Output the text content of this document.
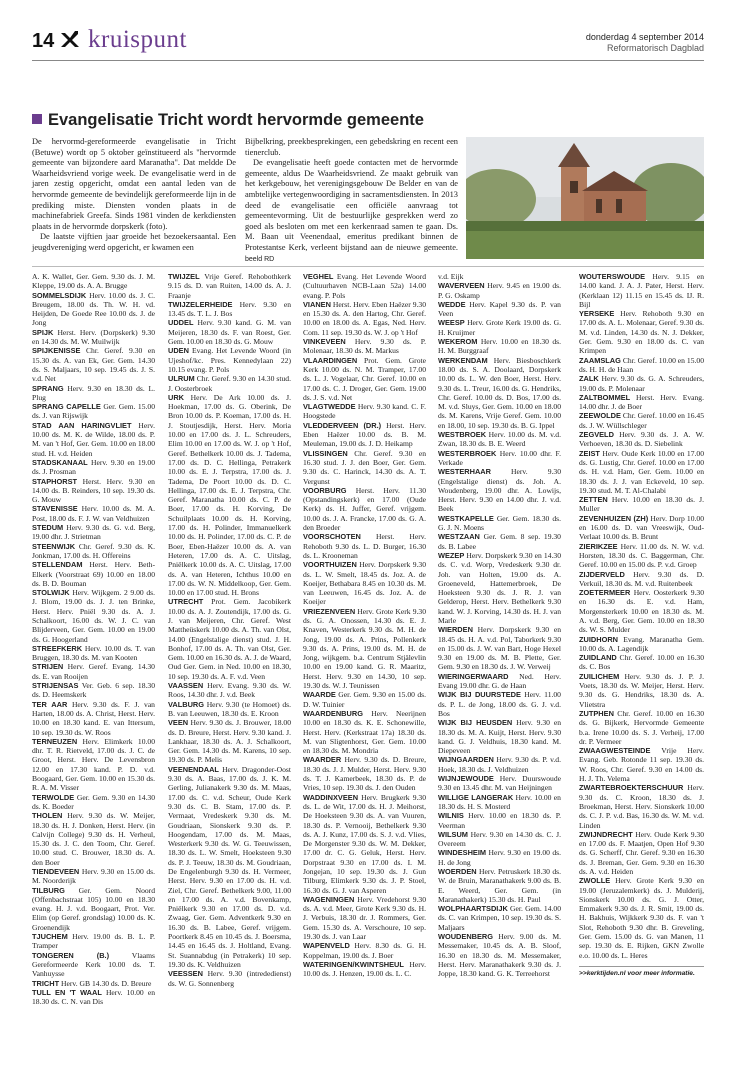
14 kruispunt	donderdag 4 september 2014
Reformatorisch Dagblad
Evangelisatie Tricht wordt hervormde gemeente

De hervormd-gereformeerde evangelisatie in Tricht (Betuwe) wordt op 5 oktober geïnstitueerd als "hervormde gemeente van bijzondere aard Maranatha". Dat meldde De Waarheidsvriend vorige week. De evangelisatie werd in de jaren zestig opgericht, omdat een aantal leden van de hervormde gemeente de bevindelijk gereformeerde lijn in de prediking miste. Diensten vonden plaats in de machinefabriek Greefa. Sinds 1981 vinden de kerkdiensten plaats in de hervormde dorpskerk (foto).

De laatste vijftien jaar groeide het bezoekersaantal. Een jeugdvereniging werd opgericht, er kwamen een

Bijbelkring, preekbesprekingen, een gebedskring en recent een tienerclub.

De evangelisatie heeft goede contacten met de hervormde gemeente, aldus De Waarheidsvriend. Ze maakt gebruik van het kerkgebouw, het verenigingsgebouw De Belder en van de ambtelijke vertegenwoordiging in sacramentsdiensten. In 2013 deed de evangelisatie een officiële aanvraag tot gemeentevorming. Uit de bestuurlijke gesprekken werd zo goed als besloten om met een kerkenraad samen te gaan. Ds. M. Baan uit Veenendaal, emeritus predikant binnen de Protestantse Kerk, verleent bijstand aan de nieuwe gemeente. beeld RD

A. K. Wallet, Ger. Gem. 9.30 ds. J. M. Kleppe, 19.00 ds. A. A. Brugge

SOMMELSDIJK Herv. 10.00 ds. J. C. Breugem, 18.00 ds. Th. W. H. vd. Heijden, De Goede Ree 10.00 ds. J. de Jong

SPIJK Herst. Herv. (Dorpskerk) 9.30 en 14.30 ds. M. W. Muilwijk

SPIJKENISSE Chr. Geref. 9.30 en 15.30 ds. A. van Ek, Ger. Gem. 14.30 ds. S. Maljaars, 10 sep. 19.45 ds. J. S. v.d. Net

SPRANG Herv. 9.30 en 18.30 ds. L. Plug

SPRANG CAPELLE Ger. Gem. 15.00 ds. J. van Rijswijk

STAD AAN HARINGVLIET Herv. 10.00 ds. M. K. de Wilde, 18.00 ds. P. M. van 't Hof, Ger. Gem. 10.00 en 18.00 stud. H. v.d. Heiden

STADSKANAAL Herv. 9.30 en 19.00 ds. J. Prosman

STAPHORST Herst. Herv. 9.30 en 14.00 ds. B. Reinders, 10 sep. 19.30 ds. G. Mouw

STAVENISSE Herv. 10.00 ds. M. A. Post, 18.00 ds. F. J. W. van Veldhuizen

STEDUM Herv. 9.30 ds. G. v.d. Berg, 19.00 dhr. J. Strietman

STEENWIJK Chr. Geref. 9.30 ds. K. Jonkman, 17.00 ds. H. Offereins

STELLENDAM Herst. Herv. Beth-Elkerk (Voorstraat 69) 10.00 en 18.00 ds. B. D. Bouman

STOLWIJK Herv. Wijkgem. 2 9.00 ds. J. Blom, 19.00 ds. J. J. ten Brinke, Herst. Herv. Pniël 9.30 ds. A. J. Schalkoort, 16.00 ds. W. J. C. van Blijderveen, Ger. Gem. 10.00 en 19.00 ds. G. Hoogerland

STREEFKERK Herv. 10.00 ds. T. van Bruggen, 18.30 ds. M. van Kooten

STRIJEN Herv. Geref. Evang. 14.30 ds. E. van Rooijen

STRIJENSAS Ver. Geb. 6 sep. 18.30 ds. D. Heemskerk

TER AAR Herv. 9.30 ds. F. J. van Harten, 18.00 ds. A. Christ, Herst. Herv. 10.00 en 18.30 kand. E. van Ittersum, 10 sep. 19.30 ds. W. Roos

TERNEUZEN Herv. Elimkerk 10.00 dhr. T. R. Rietveld, 17.00 ds. J. C. de Groot, Herst. Herv. De Levensbron 12.00 en 17.30 kand. P. D. v.d. Boogaard, Ger. Gem. 10.00 en 15.30 ds. R. A. M. Visser

TERWOLDE Ger. Gem. 9.30 en 14.30 ds. K. Boeder

THOLEN Herv. 9.30 ds. W. Meijer, 18.30 ds. H. J. Donken, Herst. Herv. (in Calvijn College) 9.30 ds. H. Verheul, 15.30 ds. J. C. den Toom, Chr. Geref. 10.00 stud. C. Brouwer, 18.30 ds. A. den Boer

TIENDEVEEN Herv. 9.30 en 15.00 ds. M. Noorderijk

TILBURG Ger. Gem. Noord (Offenbachstraat 105) 10.00 en 18.30 evang. H. J. v.d. Boogaart, Prot. Ver. Elim (op Geref. grondslag) 10.00 ds. K. Groenendijk

TJUCHEM Herv. 19.00 ds. B. L. P. Tramper

TONGEREN (B.)	Vlaams Gereformeerde Kerk 10.00 ds. T. Vanhuysse

TRICHT Herv. GB 14.30 ds. D. Breure

TULL EN 'T WAAL Herv. 10.00 en 18.30 ds. C. N. van Dis

TWIJZEL Vrije Geref. Rehobothkerk 9.15 ds. D. van Ruiten, 14.00 ds. A. J. Fraanje

TWIJZELERHEIDE Herv. 9.30 en 13.45 ds. T. L. J. Bos

UDDEL Herv. 9.30 kand. G. M. van Meijeren, 18.30 ds. F. van Roest, Ger. Gem. 10.00 en 18.30 ds. G. Mouw

UDEN Evang. Het Levende Woord (in Ujeshof/kc. Pres. Kennedylaan 22) 10.15 evang. P. Pols

ULRUM Chr. Geref. 9.30 en 14.30 stud. J. Oosterbroek

URK Herv. De Ark 10.00 ds. J. Hoekman, 17.00 ds. G. Oberink, De Bron 10.00 ds. P. Koeman, 17.00 ds. H. J. Stoutjesdijk, Herst. Herv. Moria 10.00 en 17.00 ds. J. L. Schreuders, Elim 10.00 en 17.00 ds. W. J. op 't Hof, Geref. Bethelkerk 10.00 ds. J. Tadema, 17.00 ds. D. C. Hellinga, Petrakerk 10.00 ds. E. J. Terpstra, 17.00 ds. J. Tadema, De Poort 10.00 ds. D. C. Hellinga, 17.00 ds. E. J. Terpstra, Chr. Geref. Maranatha 10.00 ds. C. P. de Boer, 17.00 ds. H. Korving, De Schuilplaats 10.00 ds. H. Korving, 17.00 ds. H. Polinder, Immanuelkerk 10.00 ds. H. Polinder, 17.00 ds. C. P. de Boer, Eben-Haëzer 10.00 ds. A. van Heteren, 17.00 ds. A. C. Uitslag, Pniëlkerk 10.00 ds. A. C. Uitslag, 17.00 ds. A. van Heteren, Ichthus 10.00 en 17.00 ds. W. N. Middelkoop, Ger. Gem. 10.00 en 17.00 stud. H. Brons

UTRECHT Prot. Gem. Jacobikerk 10.00 ds. A. J. Zoutendijk, 17.00 ds. G. J. van Meijeren, Chr. Geref. West Mattheüskerk 10.00 ds. A. Th. van Olst, 14.00 (Engelstalige dienst) stud. J. H. Bonhof, 17.00 ds. A. Th. van Olst, Ger. Gem. 10.00 en 16.30 ds. A. J. de Waard, Oud Ger. Gem. in Ned. 10.00 en 18.30, 10 sep. 19.30 ds. A. F. v.d. Veen

VAASSEN Herv. Evang. 9.30 ds. W. Roos, 14.30 dhr. J. v.d. Beek

VALBURG Herv. 9.30 (te Homoet) ds. B. van Leeuwen, 18.30 ds. E. Kroon

VEEN Herv. 9.30 ds. J. Brouwer, 18.00 ds. D. Breure, Herst. Herv. 9.30 kand. J. Lankhaar, 18.30 ds. A. J. Schalkoort, Ger. Gem. 14.30 ds. M. Karens, 10 sep. 19.30 ds. P. Melis

VEENENDAAL Herv. Dragonder-Oost 9.30 ds. A. Baas, 17.00 ds. J. K. M. Gerling, Julianakerk 9.30 ds. M. Maas, 17.00 ds. C. v.d. Scheur, Oude Kerk 9.30 ds. C. B. Stam, 17.00 ds. P. Vermaat, Vredeskerk 9.30 ds. M. Goudriaan, Sionskerk 9.30 ds. P. Hoogendam, 17.00 ds. M. Maas, Westerkerk 9.30 ds. W. G. Teeuwissen, 18.30 ds. L. W. Smelt, Hoeksteen 9.30 ds. P. J. Teeuw, 18.30 ds. M. Goudriaan, De Engelenburgh 9.30 ds. H. Vermeer, Herst. Herv. 9.30 en 17.00 ds. H. v.d. Ziel, Chr. Geref. Bethelkerk 9.00, 11.00 en 17.00 ds. A. v.d. Bovenkamp, Pniëlkerk 9.30 en 17.00 ds. D. v.d. Zwaag, Ger. Gem. Adventkerk 9.30 en 16.30 ds. B. Labee, Geref. vrijgem. Poortkerk 8.45 en 10.45 ds. J. Boersma, 14.45 en 16.45 ds. J. Holtland, Evang. St. Suannabdug (in Petrakerk) 10 sep. 19.30 ds. K. Veldhuizen

VEESSEN Herv. 9.30 (intrededienst) ds. W. G. Sonnenberg

VEGHEL Evang. Het Levende Woord (Cultuurhaven NCB-Laan 52a) 14.00 evang. P. Pols

VIANEN Herst. Herv. Eben Haëzer 9.30 en 15.30 ds. A. den Hartog, Chr. Geref. 10.00 en 18.00 ds. A. Egas, Ned. Herv. Com. 11 sep. 19.30 ds. W. J. op 't Hof

VINKEVEEN Herv. 9.30 ds. P. Molenaar, 18.30 ds. M. Markus

VLAARDINGEN Prot. Gem. Grote Kerk 10.00 ds. N. M. Tramper, 17.00 ds. L. J. Vogelaar, Chr. Geref. 10.00 en 17.00 ds. C. J. Droger, Ger. Gem. 19.00 ds. J. S. v.d. Net

VLAGTWEDDE Herv. 9.30 kand. C. F. Hoogstede

VLEDDERVEEN (DR.) Herst. Herv. Eben Haëzer 10.00 ds. B. M. Meuleman, 19.00 ds. J. D. Heikamp

VLISSINGEN Chr. Geref. 9.30 en 16.30 stud. J. J. den Boer, Ger. Gem. 9.30 ds. C. Harinck, 14.30 ds. A. T. Vergunst

VOORBURG Herst. Herv. 11.30 (Opstandingskerk) en 17.00 (Oude Kerk) ds. H. Juffer, Geref. vrijgem. 10.00 ds. J. A. Francke, 17.00 ds. G. A. den Broeder

VOORSCHOTEN Herst. Herv. Rehoboth 9.30 ds. L. D. Burger, 16.30 ds. L. Krooneman

VOORTHUIZEN Herv. Dorpskerk 9.30 ds. L. W. Smelt, 18.45 ds. Joz. A. de Koeijer, Bethabara 8.45 en 10.30 ds. M. van Leeuwen, 16.45 ds. Joz. A. de Koeijer

VRIEZENVEEN Herv. Grote Kerk 9.30 ds. G. A. Onossen, 14.30 ds. E. J. Knaven, Westerkerk 9.30 ds. M. H. de Jong, 19.00 ds. A. Prins, Pollenkerk 9.30 ds. A. Prins, 19.00 ds. M. H. de Jong, wijkgem. b.a. Centrum Stjälevlin 10.00 en 19.00 kand. G. R. Maaritz, Herst. Herv. 9.30 en 14.30, 10 sep. 19.30 ds. W. J. Teunissen

WAARDE Ger. Gem. 9.30 en 15.00 ds. D. W. Tuinier

WAARDENBURG Herv. Neerijnen 10.00 en 18.30 ds. K. E. Schonewille, Herst. Herv. (Kerkstraat 17a) 18.30 ds. M. van Sligtenhorst, Ger. Gem. 10.00 en 18.30 ds. M. Mondria

WAARDER Herv. 9.30 ds. D. Breure, 18.30 ds. J. J. Mulder, Herst. Herv. 9.30 ds. T. J. Kamerbeek, 18.30 ds. P. de Vries, 10 sep. 19.30 ds. J. den Ouden

WADDINXVEEN Herv. Brugkerk 9.30 ds. L. de Wit, 17.00 ds. H. J. Meihorst, De Hoeksteen 9.30 ds. A. van Vuuren, 18.30 ds. P. Vernooij, Bethelkerk 9.30 ds. A. J. Kunz, 17.00 ds. S. J. v.d. Vlies, De Morgenster 9.30 ds. W. M. Dekker, 17.00 dr. C. G. Geluk, Herst. Herv. Dorpstraat 9.30 en 17.00 ds. I. M. Jongejan, 10 sep. 19.30 ds. J. Gun Tilburg, Elimkerk 9.30 ds. J. P. Stoel, 16.30 ds. G. J. van Asperen

WAGENINGEN Herv. Vredehorst 9.30 ds. A. v.d. Meer, Grote Kerk 9.30 ds. H. J. Verbuis, 18.30 dr. J. Rommers, Ger. Gem. 15.30 ds. A. Verschoure, 10 sep. 19.30 ds. J. van Laar

WAPENVELD Herv. 8.30 ds. G. H. Koppelman, 19.00 ds. J. Boer

WATERINGEN/KWINTSHEUL Herv. 10.00 ds. J. Henzen, 19.00 ds. L. C.

v.d. Eijk

WAVERVEEN Herv. 9.45 en 19.00 ds. P. G. Oskamp

WEDDE Herv. Kapel 9.30 ds. P. van Veen

WEESP Herv. Grote Kerk 19.00 ds. G. H. Kruijmer

WEKEROM Herv. 10.00 en 18.30 ds. H. M. Burggraaf

WERKENDAM Herv. Biesboschkerk 18.00 ds. S. A. Doolaard, Dorpskerk 10.00 ds. L. W. den Boer, Herst. Herv. 9.30 ds. L. Treur, 16.00 ds. G. Hendriks, Chr. Geref. 10.00 ds. D. Bos, 17.00 ds. M. v.d. Sluys, Ger. Gem. 10.00 en 18.00 ds. M. Karens, Vrije Geref. Gem. 10.00 en 18.00, 10 sep. 19.30 ds. B. G. Ippel

WESTBROEK Herv. 10.00 ds. M. v.d. Zwan, 18.30 ds. B. E. Weerd

WESTERBROEK Herv. 10.00 dhr. F. Verkade

WESTERHAAR	Herv. 9.30 (Engelstalige dienst) ds. Joh. A. Woudenberg, 19.00 dhr. A. Lowijs, Herst. Herv. 9.30 en 14.00 dhr. J. v.d. Beek

WESTKAPELLE Ger. Gem. 18.30 ds. G. J. N. Moens

WESTZAAN Ger. Gem. 8 sep. 19.30 ds. B. Labee

WEZEP Herv. Dorpskerk 9.30 en 14.30 ds. C. v.d. Worp, Vredeskerk 9.30 dr. Joh. van Holten, 19.00 ds. A. Groeneveld, Hattemerbroek, De Hoeksteen 9.30 ds. J. R. J. van Gelderop, Herst. Herv. Bethelkerk 9.30 kand. W. J. Korving, 14.30 ds. H. J. van Marle

WIERDEN Herv. Dorpskerk 9.30 en 18.45 ds. H. A. v.d. Pol, Taborkerk 9.30 en 15.00 ds. J. W. van Bart, Hoge Hexel 9.30 en 19.00 ds. M. B. Plette, Ger. Gem. 9.30 en 18.30 ds. J. W. Verweij

WIERINGERWAARD Ned. Herv. Evang 19.00 dhr. G. de Haan

WIJK BIJ DUURSTEDE Herv. 11.00 ds. P. L. de Jong, 18.00 ds. G. J. v.d. Bos

WIJK BIJ HEUSDEN Herv. 9.30 en 18.30 ds. M. A. Kuijt, Herst. Herv. 9.30 kand. G. J. Veldhuis, 18.30 kand. M. Diepeveen

WIJNGAARDEN Herv. 9.30 ds. P. v.d. Hoek, 18.30 ds. J. Veldhuizen

WIJNJEWOUDE Herv. Duurswoude 9.30 en 13.45 dhr. M. van Heijningen

WILLIGE LANGERAK Herv. 10.00 en 18.30 ds. H. S. Mosterd

WILNIS Herv. 10.00 en 18.30 ds. P. Veerman

WILSUM Herv. 9.30 en 14.30 ds. C. J. Overeem

WINDESHEIM Herv. 9.30 en 19.00 ds. H. de Jong

WOERDEN Herv. Petruskerk 18.30 ds. W. de Bruin, Maranathakerk 9.00 ds. B. E. Weerd, Ger. Gem. (in Maranathakerk) 15.30 ds. H. Paul

WOLPHAARTSDIJK Ger. Gem. 14.00 ds. C. van Krimpen, 10 sep. 19.30 ds. S. Maljaars

WOUDENBERG Herv. 9.00 ds. M. Messemaker, 10.45 ds. A. B. Sloof, 16.30 en 18.30 ds. M. Messemaker, Herst. Herv. Maranathakerk 9.30 ds. J. Joppe, 18.30 kand. G. K. Terreehorst

WOUTERSWOUDE Herv. 9.15 en 14.00 kand. J. A. J. Pater, Herst. Herv. (Kerklaan 12) 11.15 en 15.45 ds. IJ. R. Bijl

YERSEKE Herv. Rehoboth 9.30 en 17.00 ds. A. L. Molenaar, Geref. 9.30 ds. M. v.d. Linden, 14.30 ds. N. J. Dekker, Ger. Gem. 9.30 en 18.00 ds. C. van Krimpen

ZAAMSLAG Chr. Geref. 10.00 en 15.00 ds. H. H. de Haan

ZALK Herv. 9.30 ds. G. A. Schreuders, 19.00 ds. P. Molenaar

ZALTBOMMEL Herst. Herv. Evang. 14.00 dhr. J. de Boer

ZEEWOLDE Chr. Geref. 10.00 en 16.45 ds. J. W. Wüllschleger

ZEGVELD Herv. 9.30 ds. J. A. W. Verhoeven, 18.30 ds. D. Siebelink

ZEIST Herv. Oude Kerk 10.00 en 17.00 ds. G. Lustig, Chr. Geref. 10.00 en 17.00 ds. H. v.d. Ham, Ger. Gem. 10.00 en 18.30 ds. J. J. van Eckeveld, 10 sep. 19.30 stud. M. T. Al-Chalabi

ZETTEN Herv. 10.00 en 18.30 ds. J. Muller

ZEVENHUIZEN (ZH) Herv. Dorp 10.00 en 16.00 ds. D. van Vreeswijk, Oud-Verlaat 10.00 ds. B. Brunt

ZIERIKZEE Herv. 11.00 ds. N. W. v.d. Horsten, 18.30 ds. C. Baggerman, Chr. Geref. 10.00 en 15.00 ds. P. v.d. Groep

ZIJDERVELD Herv. 9.30 ds. D. Verkuil, 18.30 ds. M. v.d. Ruitenbeek

ZOETERMEER Herv. Oosterkerk 9.30 en 16.30 ds. E. v.d. Ham, Morgensterkerk 10.00 en 18.30 ds. M. A. v.d. Berg, Ger. Gem. 10.00 en 18.30 ds. W. S. Mulder

ZUIDHORN Evang. Maranatha Gem. 10.00 ds. A. Lagendijk

ZUIDLAND Chr. Geref. 10.00 en 16.30 ds. C. Bos

ZUILICHEM Herv. 9.30 ds. J. P. J. Voets, 18.30 ds. W. Meijer, Herst. Herv. 9.30 ds. G. Hendriks, 18.30 ds. A. Vlietstra

ZUTPHEN Chr. Geref. 10.00 en 16.30 ds. G. Bijkerk, Hervormde Gemeente b.a. Irene 10.00 ds. S. J. Verheij, 17.00 dr. P. Vermeer

ZWAAGWESTEINDE Vrije Herv. Evang. Geb. Rotonde 11 sep. 19.30 ds. W. Roos, Chr. Geref. 9.30 en 14.00 ds. H. J. Th. Velema

ZWARTEBROEKTERSCHUUR Herv. 9.30 ds. C. Kroon, 18.30 ds. J. Broekman, Herst. Herv. Sionskerk 10.00 ds. C. J. P. v.d. Bas, 16.30 ds. W. M. v.d. Linden

ZWIJNDRECHT Herv. Oude Kerk 9.30 en 17.00 ds. F. Maatjen, Open Hof 9.30 ds. G. Scherff, Chr. Geref. 9.30 en 16.30 ds. J. Breman, Ger. Gem. 9.30 en 16.30 ds. A. v.d. Heiden

ZWOLLE Herv. Grote Kerk 9.30 en 19.00 (Jeruzalemkerk) ds. J. Mulderij, Sionskerk 10.00 ds. G. J. Otter, Emmakerk 9.30 ds. J. R. Smit, 19.00 ds. H. Bakhuis, Wijkkerk 9.30 ds. F. van 't Slot, Rehoboth 9.30 dhr. B. Greveling, Ger. Gem. 15.00 ds. G. van Manen, 11 sep. 19.30 ds. E. Rijken, GKN Zwolle e.o. 10.00 ds. L. Heres

>>kerktijden.nl voor meer informatie.
